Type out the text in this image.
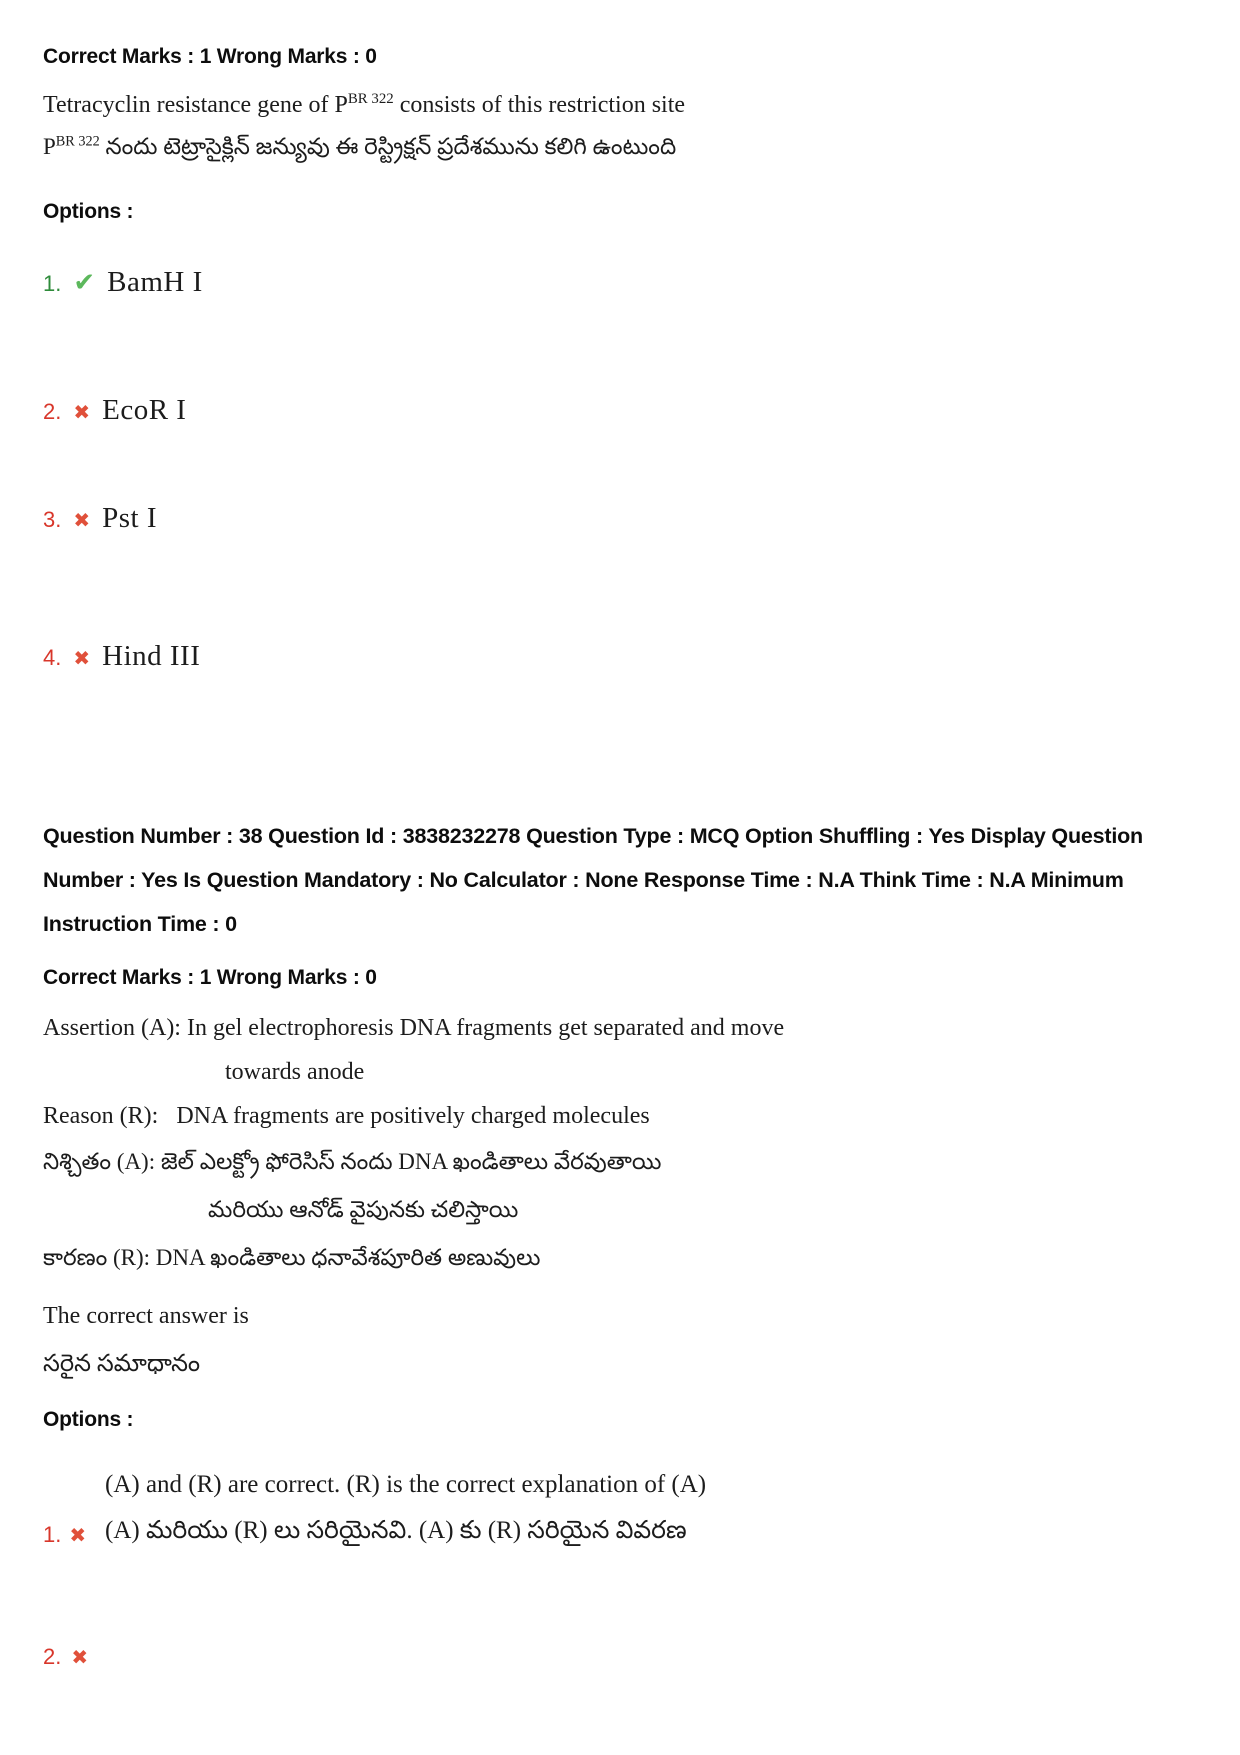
Correct Marks : 1 Wrong Marks : 0
Tetracyclin resistance gene of $P^{BR 322}$ consists of this restriction site
$P^{BR 322}$ నందు టెట్రాసైక్లిన్ జన్యువు ఈ రెస్ట్రిక్షన్ ప్రదేశమును కలిగి ఉంటుంది
Options :
1. ✔ BamH I
2. ✖ EcoR I
3. ✖ Pst I
4. ✖ Hind III
Question Number : 38 Question Id : 3838232278 Question Type : MCQ Option Shuffling : Yes Display Question Number : Yes Is Question Mandatory : No Calculator : None Response Time : N.A Think Time : N.A Minimum Instruction Time : 0
Correct Marks : 1 Wrong Marks : 0
Assertion (A): In gel electrophoresis DNA fragments get separated and move
towards anode
Reason (R):   DNA fragments are positively charged molecules
నిశ్చితం (A): జెల్ ఎలక్ట్రో ఫోరెసిస్ నందు DNA ఖండితాలు వేరవుతాయి
మరియు ఆనోడ్ వైపునకు చలిస్తాయి
కారణం (R): DNA ఖండితాలు ధనావేశపూరిత అణువులు
The correct answer is
సరైన సమాధానం
Options :
1. ✖
(A) and (R) are correct. (R) is the correct explanation of (A)
(A) మరియు (R) లు సరియైనవి. (A) కు (R) సరియైన వివరణ
2. ✖
